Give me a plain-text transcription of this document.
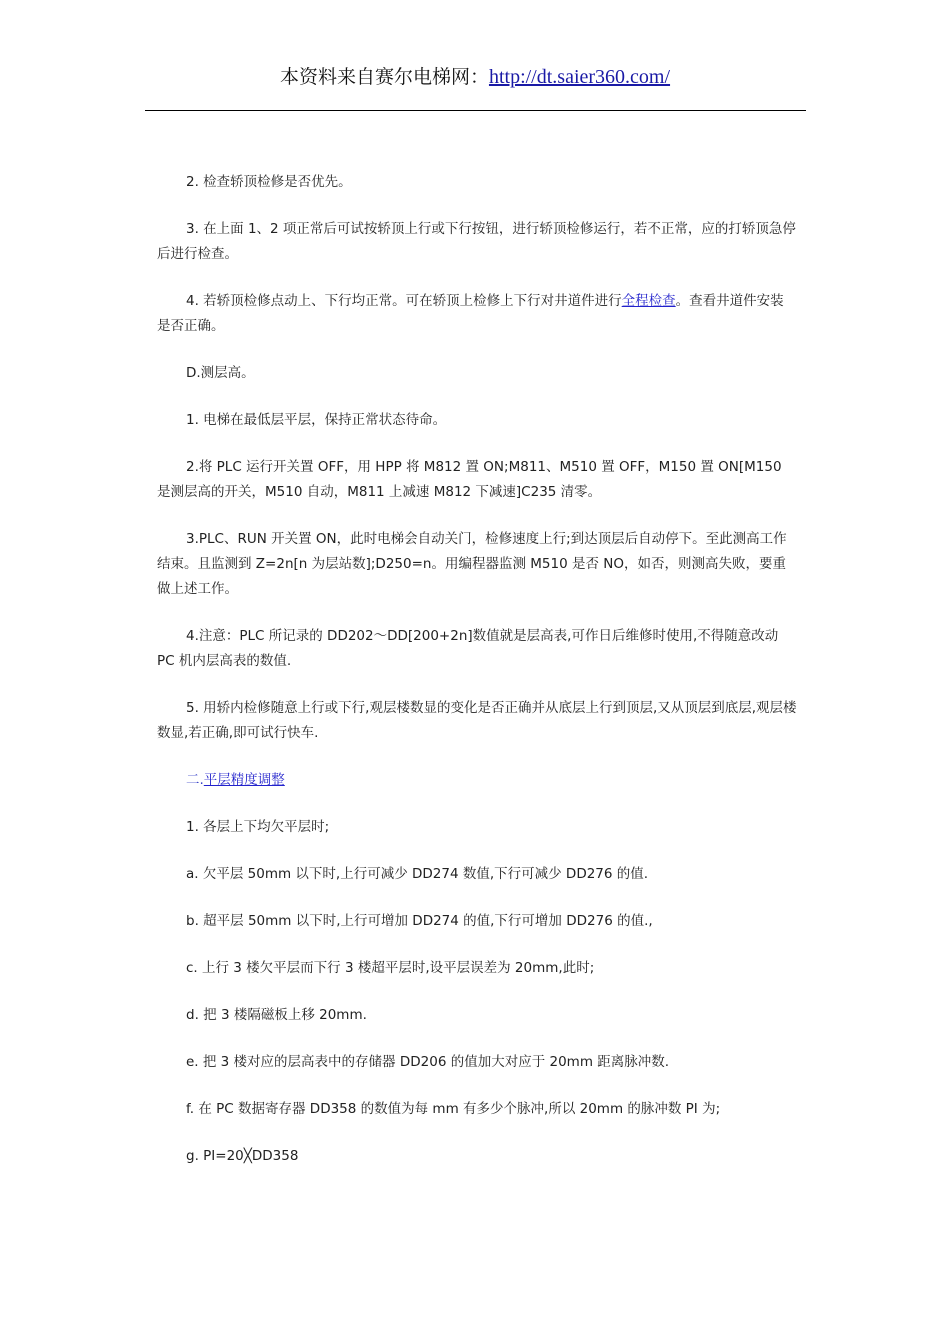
本资料来自赛尔电梯网：http://dt.saier360.com/

2. 检查轿顶检修是否优先。

3. 在上面 1、2 项正常后可试按轿顶上行或下行按钮，进行轿顶检修运行，若不正常，应的打轿顶急停后进行检查。

4. 若轿顶检修点动上、下行均正常。可在轿顶上检修上下行对井道件进行全程检查。查看井道件安装是否正确。

D.测层高。

1. 电梯在最低层平层，保持正常状态待命。

2.将 PLC 运行开关置 OFF，用 HPP 将 M812 置 ON;M811、M510 置 OFF，M150 置 ON[M150 是测层高的开关，M510 自动，M811 上减速 M812 下减速]C235 清零。

3.PLC、RUN 开关置 ON，此时电梯会自动关门，检修速度上行;到达顶层后自动停下。至此测高工作结束。且监测到 Z=2n[n 为层站数];D250=n。用编程器监测 M510 是否 NO，如否，则测高失败，要重做上述工作。

4.注意：PLC 所记录的 DD202～DD[200+2n]数值就是层高表,可作日后维修时使用,不得随意改动 PC 机内层高表的数值.

5. 用轿内检修随意上行或下行,观层楼数显的变化是否正确并从底层上行到顶层,又从顶层到底层,观层楼数显,若正确,即可试行快车.

二.平层精度调整

1. 各层上下均欠平层时;

a. 欠平层 50mm 以下时,上行可减少 DD274 数值,下行可减少 DD276 的值.

b. 超平层 50mm 以下时,上行可增加 DD274 的值,下行可增加 DD276 的值.,

c. 上行 3 楼欠平层而下行 3 楼超平层时,设平层误差为 20mm,此时;

d. 把 3 楼隔磁板上移 20mm.

e. 把 3 楼对应的层高表中的存储器 DD206 的值加大对应于 20mm 距离脉冲数.

f. 在 PC 数据寄存器 DD358 的数值为每 mm 有多少个脉冲,所以 20mm 的脉冲数 PI 为;

g. PI=20╳DD358
